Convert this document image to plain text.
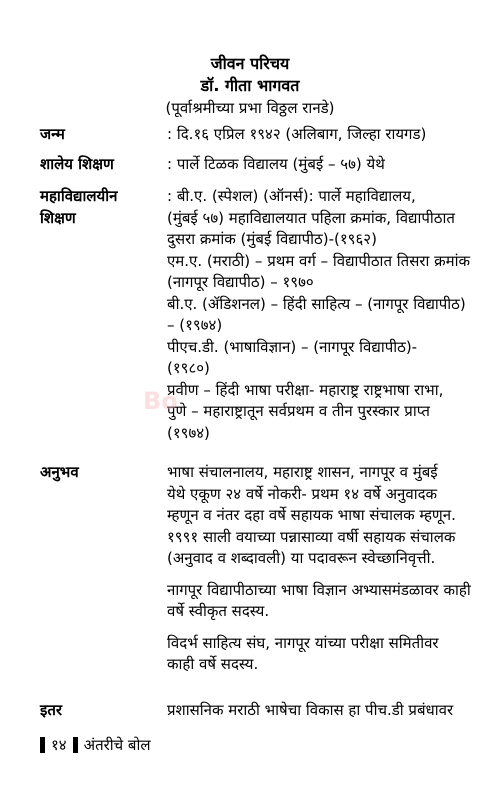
जीवन परिचय
डॉ. गीता भागवत
(पूर्वाश्रमीच्या प्रभा विठ्ठल रानडे)
जन्म	: दि.१६ एप्रिल १९४२ (अलिबाग, जिल्हा रायगड)
शालेय शिक्षण	: पार्ले टिळक विद्यालय (मुंबई – ५७) येथे
महाविद्यालयीन
शिक्षण
: बी.ए. (स्पेशल) (ऑनर्स): पार्ले महाविद्यालय,
(मुंबई ५७) महाविद्यालयात पहिला क्रमांक, विद्यापीठात
दुसरा क्रमांक (मुंबई विद्यापीठ)-(१९६२)
एम.ए. (मराठी) – प्रथम वर्ग – विद्यापीठात तिसरा क्रमांक
(नागपूर विद्यापीठ) – १९७०
बी.ए. (ॲडिशनल) – हिंदी साहित्य – (नागपूर विद्यापीठ)
– (१९७४)
पीएच.डी. (भाषाविज्ञान) – (नागपूर विद्यापीठ)-
(१९८०)
प्रवीण – हिंदी भाषा परीक्षा- महाराष्ट्र राष्ट्रभाषा राभा,
पुणे – महाराष्ट्रातून सर्वप्रथम व तीन पुरस्कार प्राप्त
(१९७४)
Bo
अनुभव	भाषा संचालनालय, महाराष्ट्र शासन, नागपूर व मुंबई
येथे एकूण २४ वर्षे नोकरी- प्रथम १४ वर्षे अनुवादक
म्हणून व नंतर दहा वर्षे सहायक भाषा संचालक म्हणून.
१९९१ साली वयाच्या पन्नासाव्या वर्षी सहायक संचालक
(अनुवाद व शब्दावली) या पदावरून स्वेच्छानिवृत्ती.
नागपूर विद्यापीठाच्या भाषा विज्ञान अभ्यासमंडळावर काही
वर्षे स्वीकृत सदस्य.
विदर्भ साहित्य संघ, नागपूर यांच्या परीक्षा समितीवर
काही वर्षे सदस्य.
इतर	प्रशासनिक मराठी भाषेचा विकास हा पीच.डी प्रबंधावर
१४ अंतरीचे बोल
